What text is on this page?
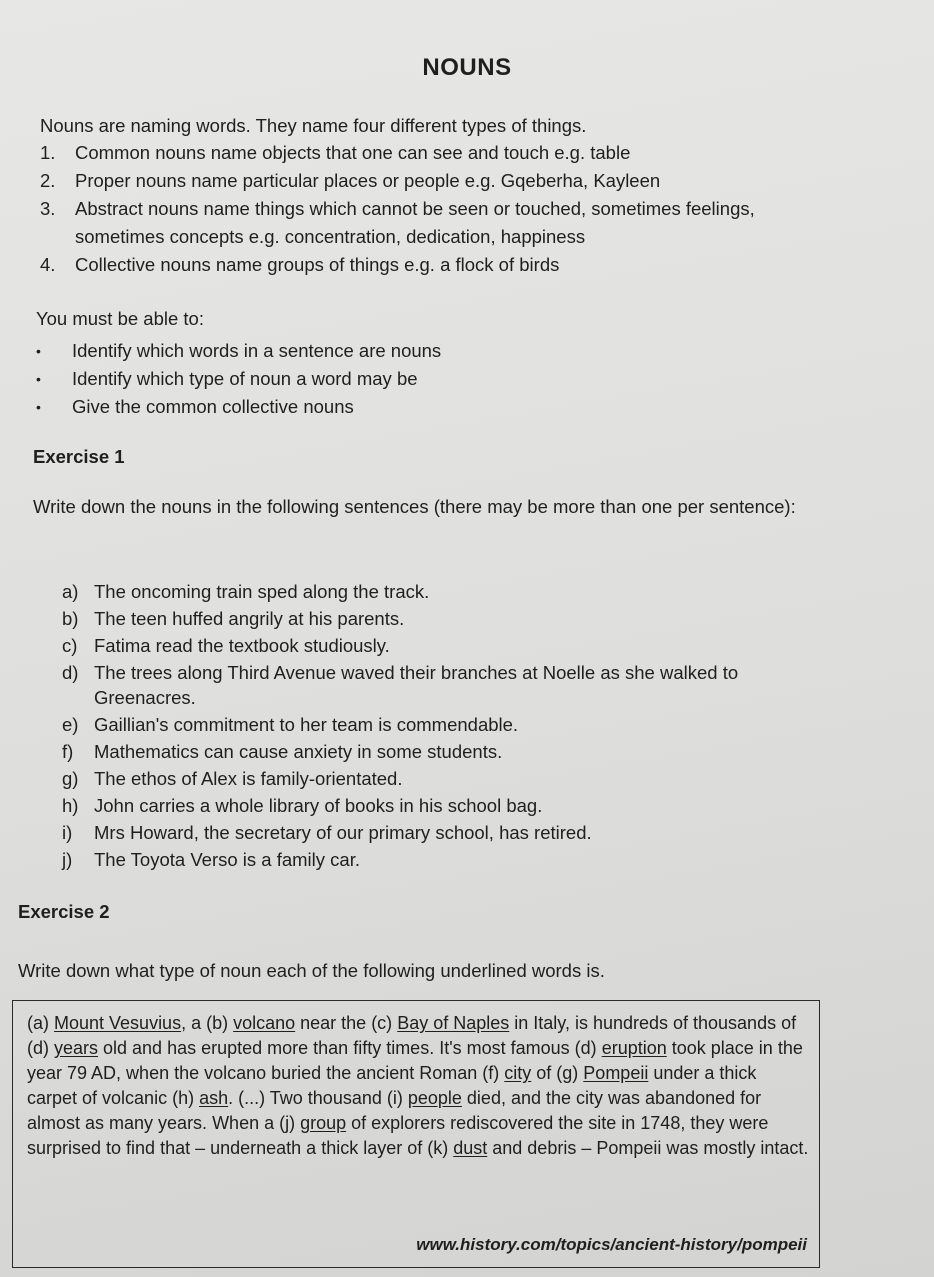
NOUNS
Nouns are naming words. They name four different types of things.
1.	Common nouns name objects that one can see and touch e.g. table
2.	Proper nouns name particular places or people e.g. Gqeberha, Kayleen
3.	Abstract nouns name things which cannot be seen or touched, sometimes feelings, sometimes concepts e.g. concentration, dedication, happiness
4.	Collective nouns name groups of things e.g. a flock of birds
You must be able to:
•	Identify which words in a sentence are nouns
•	Identify which type of noun a word may be
•	Give the common collective nouns
Exercise 1
Write down the nouns in the following sentences (there may be more than one per sentence):
a) The oncoming train sped along the track.
b) The teen huffed angrily at his parents.
c) Fatima read the textbook studiously.
d) The trees along Third Avenue waved their branches at Noelle as she walked to Greenacres.
e) Gaillian's commitment to her team is commendable.
f)	Mathematics can cause anxiety in some students.
g) The ethos of Alex is family-orientated.
h) John carries a whole library of books in his school bag.
i)	Mrs Howard, the secretary of our primary school, has retired.
j)	The Toyota Verso is a family car.
Exercise 2
Write down what type of noun each of the following underlined words is.
(a) Mount Vesuvius, a (b) volcano near the (c) Bay of Naples in Italy, is hundreds of thousands of (d) years old and has erupted more than fifty times. It's most famous (d) eruption took place in the year 79 AD, when the volcano buried the ancient Roman (f) city of (g) Pompeii under a thick carpet of volcanic (h) ash. (...) Two thousand (i) people died, and the city was abandoned for almost as many years. When a (j) group of explorers rediscovered the site in 1748, they were surprised to find that – underneath a thick layer of (k) dust and debris – Pompeii was mostly intact.
www.history.com/topics/ancient-history/pompeii
